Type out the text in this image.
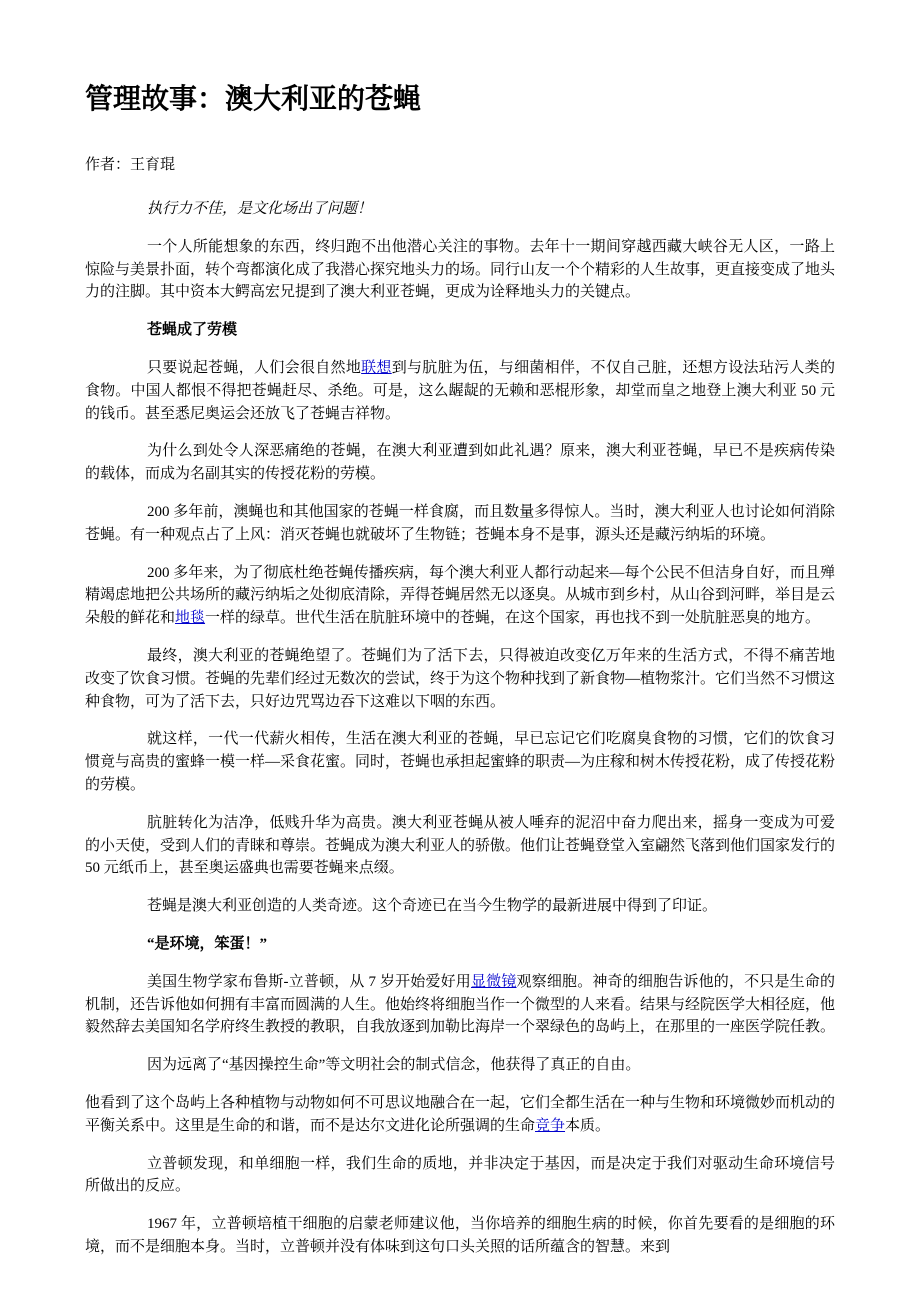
管理故事：澳大利亚的苍蝇

作者：王育琨

执行力不佳，是文化场出了问题！

一个人所能想象的东西，终归跑不出他潜心关注的事物。去年十一期间穿越西藏大峡谷无人区，一路上惊险与美景扑面，转个弯都演化成了我潜心探究地头力的场。同行山友一个个精彩的人生故事，更直接变成了地头力的注脚。其中资本大鳄高宏兄提到了澳大利亚苍蝇，更成为诠释地头力的关键点。

苍蝇成了劳模

只要说起苍蝇，人们会很自然地联想到与肮脏为伍，与细菌相伴，不仅自己脏，还想方设法玷污人类的食物。中国人都恨不得把苍蝇赶尽、杀绝。可是，这么龌龊的无赖和恶棍形象，却堂而皇之地登上澳大利亚 50 元的钱币。甚至悉尼奥运会还放飞了苍蝇吉祥物。

为什么到处令人深恶痛绝的苍蝇，在澳大利亚遭到如此礼遇？原来，澳大利亚苍蝇，早已不是疾病传染的载体，而成为名副其实的传授花粉的劳模。

200 多年前，澳蝇也和其他国家的苍蝇一样食腐，而且数量多得惊人。当时，澳大利亚人也讨论如何消除苍蝇。有一种观点占了上风：消灭苍蝇也就破坏了生物链；苍蝇本身不是事，源头还是藏污纳垢的环境。

200 多年来，为了彻底杜绝苍蝇传播疾病，每个澳大利亚人都行动起来—每个公民不但洁身自好，而且殚精竭虑地把公共场所的藏污纳垢之处彻底清除，弄得苍蝇居然无以逐臭。从城市到乡村，从山谷到河畔，举目是云朵般的鲜花和地毯一样的绿草。世代生活在肮脏环境中的苍蝇，在这个国家，再也找不到一处肮脏恶臭的地方。

最终，澳大利亚的苍蝇绝望了。苍蝇们为了活下去，只得被迫改变亿万年来的生活方式，不得不痛苦地改变了饮食习惯。苍蝇的先辈们经过无数次的尝试，终于为这个物种找到了新食物—植物浆汁。它们当然不习惯这种食物，可为了活下去，只好边咒骂边吞下这难以下咽的东西。

就这样，一代一代薪火相传，生活在澳大利亚的苍蝇，早已忘记它们吃腐臭食物的习惯，它们的饮食习惯竟与高贵的蜜蜂一模一样—采食花蜜。同时，苍蝇也承担起蜜蜂的职责—为庄稼和树木传授花粉，成了传授花粉的劳模。

肮脏转化为洁净，低贱升华为高贵。澳大利亚苍蝇从被人唾弃的泥沼中奋力爬出来，摇身一变成为可爱的小天使，受到人们的青睐和尊崇。苍蝇成为澳大利亚人的骄傲。他们让苍蝇登堂入室翩然飞落到他们国家发行的 50 元纸币上，甚至奥运盛典也需要苍蝇来点缀。

苍蝇是澳大利亚创造的人类奇迹。这个奇迹已在当今生物学的最新进展中得到了印证。

“是环境，笨蛋！”

美国生物学家布鲁斯-立普顿，从 7 岁开始爱好用显微镜观察细胞。神奇的细胞告诉他的，不只是生命的机制，还告诉他如何拥有丰富而圆满的人生。他始终将细胞当作一个微型的人来看。结果与经院医学大相径庭，他毅然辞去美国知名学府终生教授的教职，自我放逐到加勒比海岸一个翠绿色的岛屿上，在那里的一座医学院任教。

因为远离了“基因操控生命”等文明社会的制式信念，他获得了真正的自由。

他看到了这个岛屿上各种植物与动物如何不可思议地融合在一起，它们全都生活在一种与生物和环境微妙而机动的平衡关系中。这里是生命的和谐，而不是达尔文进化论所强调的生命竞争本质。

立普顿发现，和单细胞一样，我们生命的质地，并非决定于基因，而是决定于我们对驱动生命环境信号所做出的反应。

1967 年，立普顿培植干细胞的启蒙老师建议他，当你培养的细胞生病的时候，你首先要看的是细胞的环境，而不是细胞本身。当时，立普顿并没有体味到这句口头关照的话所蕴含的智慧。来到
